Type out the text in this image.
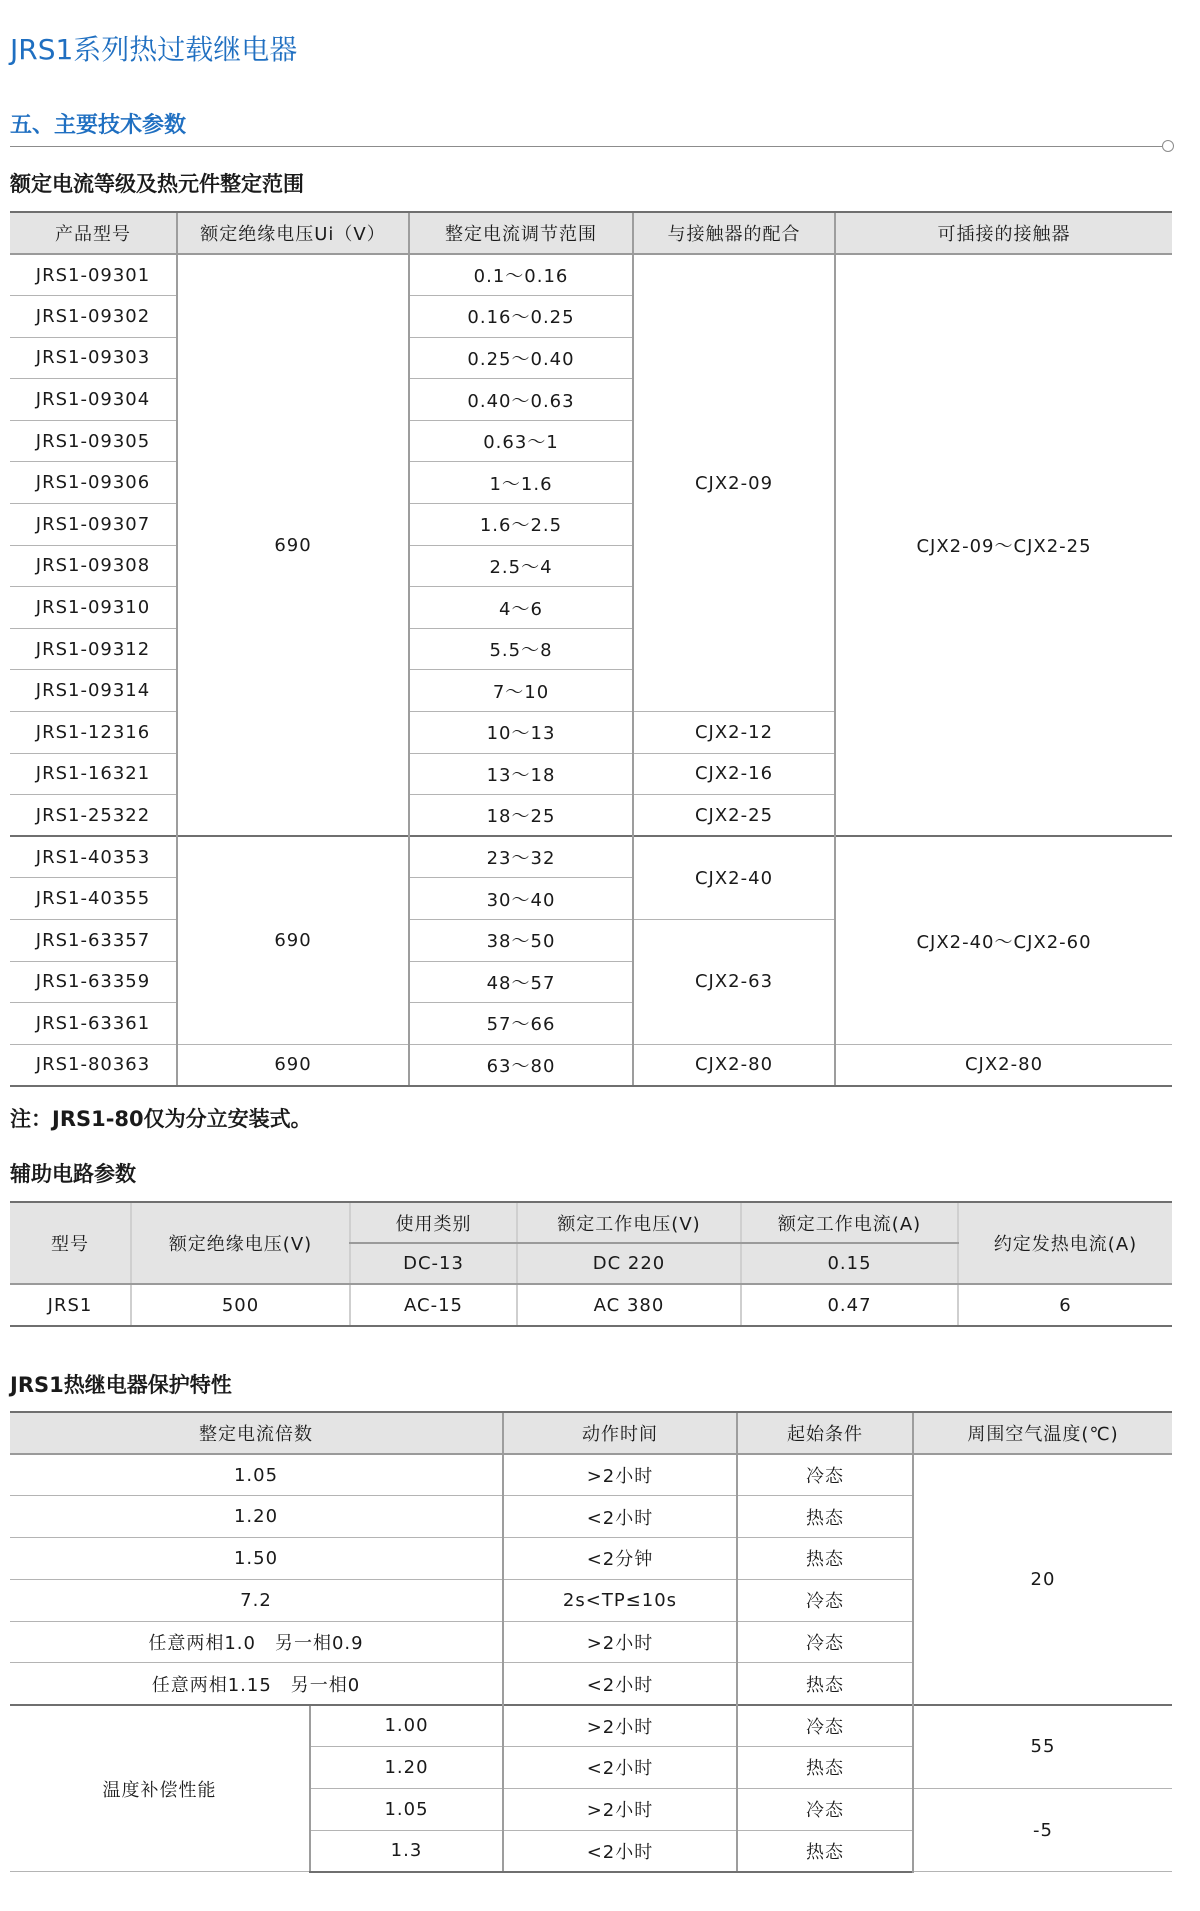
JRS1系列热过载继电器
五、主要技术参数
额定电流等级及热元件整定范围
产品型号	额定绝缘电压Ui（V）	整定电流调节范围	与接触器的配合	可插接的接触器
JRS1-09301	690	0.1～0.16	CJX2-09	CJX2-09～CJX2-25
JRS1-09302		0.16～0.25		
JRS1-09303		0.25～0.40		
JRS1-09304		0.40～0.63		
JRS1-09305		0.63～1		
JRS1-09306		1～1.6		
JRS1-09307		1.6～2.5		
JRS1-09308		2.5～4		
JRS1-09310		4～6		
JRS1-09312		5.5～8		
JRS1-09314		7～10		
JRS1-12316		10～13	CJX2-12	
JRS1-16321		13～18	CJX2-16	
JRS1-25322		18～25	CJX2-25	
JRS1-40353	690	23～32	CJX2-40	CJX2-40～CJX2-60
JRS1-40355		30～40		
JRS1-63357		38～50	CJX2-63	
JRS1-63359		48～57		
JRS1-63361		57～66		
JRS1-80363	690	63～80	CJX2-80	CJX2-80
注：JRS1-80仅为分立安装式。
辅助电路参数
型号	额定绝缘电压(V)	使用类别	额定工作电压(V)	额定工作电流(A)	约定发热电流(A)
		DC-13	DC 220	0.15	
JRS1	500	AC-15	AC 380	0.47	6
JRS1热继电器保护特性
整定电流倍数		动作时间	起始条件	周围空气温度(℃)
1.05		>2小时	冷态	20
1.20		<2小时	热态	
1.50		<2分钟	热态	
7.2		2s<TP≤10s	冷态	
任意两相1.0　另一相0.9		>2小时	冷态	
任意两相1.15　另一相0		<2小时	热态	
温度补偿性能	1.00	>2小时	冷态	55
	1.20	<2小时	热态	
	1.05	>2小时	冷态	-5
	1.3	<2小时	热态	
